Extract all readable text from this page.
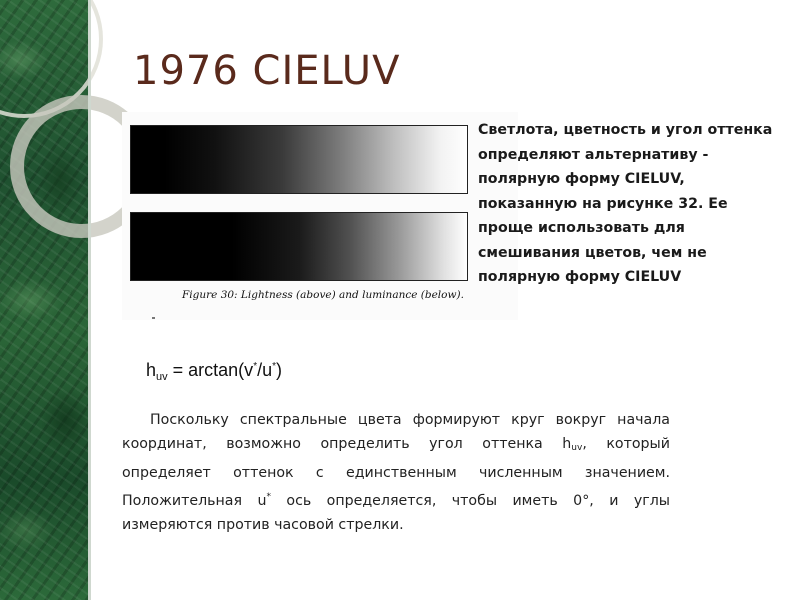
1976 CIELUV
Figure 30: Lightness (above) and luminance (below).

Светлота, цветность и угол оттенка определяют альтернативу - полярную форму CIELUV, показанную на рисунке 32. Ее проще использовать для смешивания цветов, чем не полярную форму CIELUV

$h_{uv} = \arctan(v^*/u^*)$

Поскольку спектральные цвета формируют круг вокруг начала координат, возможно определить угол оттенка $h_{uv}$, который определяет оттенок с единственным численным значением. Положительная u* ось определяется, чтобы иметь 0°, и углы измеряются против часовой стрелки.
